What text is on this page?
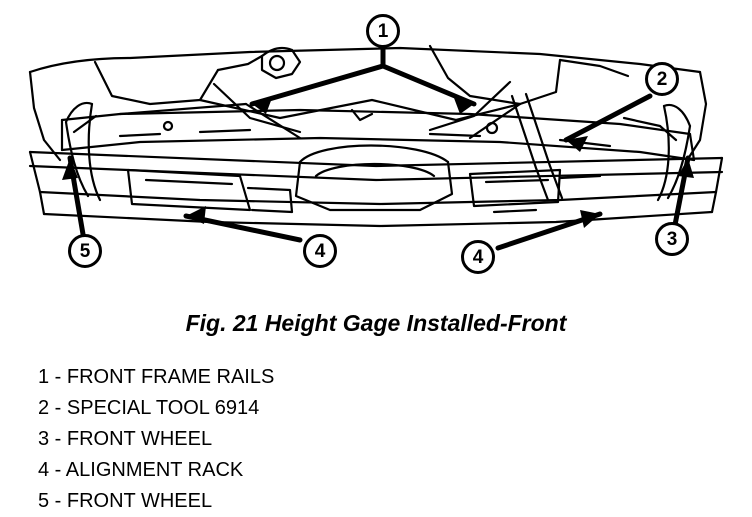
1
2
3
4	4
5
Fig. 21 Height Gage Installed-Front
1 - FRONT FRAME RAILS
2 - SPECIAL TOOL 6914
3 - FRONT WHEEL
4 - ALIGNMENT RACK
5 - FRONT WHEEL
